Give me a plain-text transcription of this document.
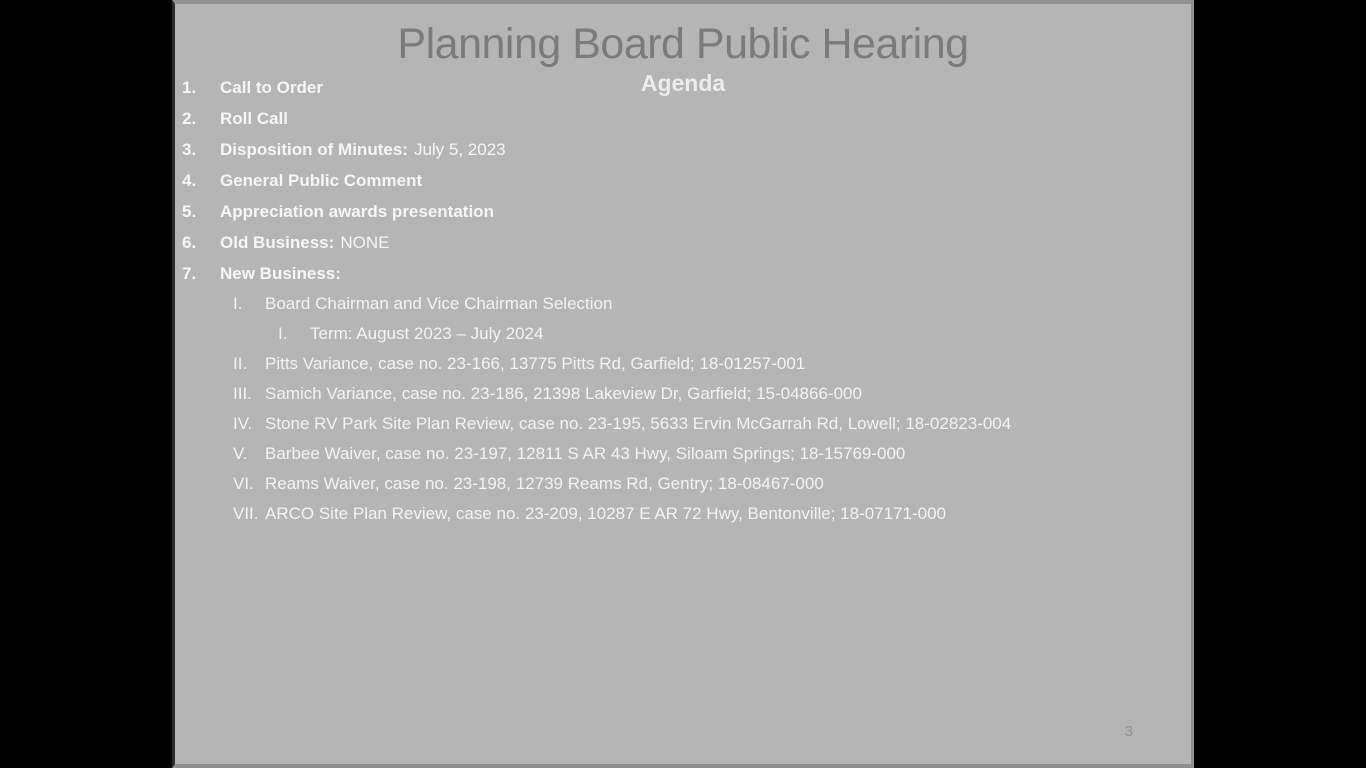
Planning Board Public Hearing
Agenda
1.	Call to Order
2.	Roll Call
3.	Disposition of Minutes: July 5, 2023
4.	General Public Comment
5.	Appreciation awards presentation
6.	Old Business: NONE
7.	New Business:
I.	Board Chairman and Vice Chairman Selection
I.	Term: August 2023 – July 2024
II.	Pitts Variance, case no. 23-166, 13775 Pitts Rd, Garfield; 18-01257-001
III. Samich Variance, case no. 23-186, 21398 Lakeview Dr, Garfield; 15-04866-000
IV. Stone RV Park Site Plan Review, case no. 23-195, 5633 Ervin McGarrah Rd, Lowell; 18-02823-004
V.	Barbee Waiver, case no. 23-197, 12811 S AR 43 Hwy, Siloam Springs; 18-15769-000
VI. Reams Waiver, case no. 23-198, 12739 Reams Rd, Gentry; 18-08467-000
VII. ARCO Site Plan Review, case no. 23-209, 10287 E AR 72 Hwy, Bentonville; 18-07171-000
3
